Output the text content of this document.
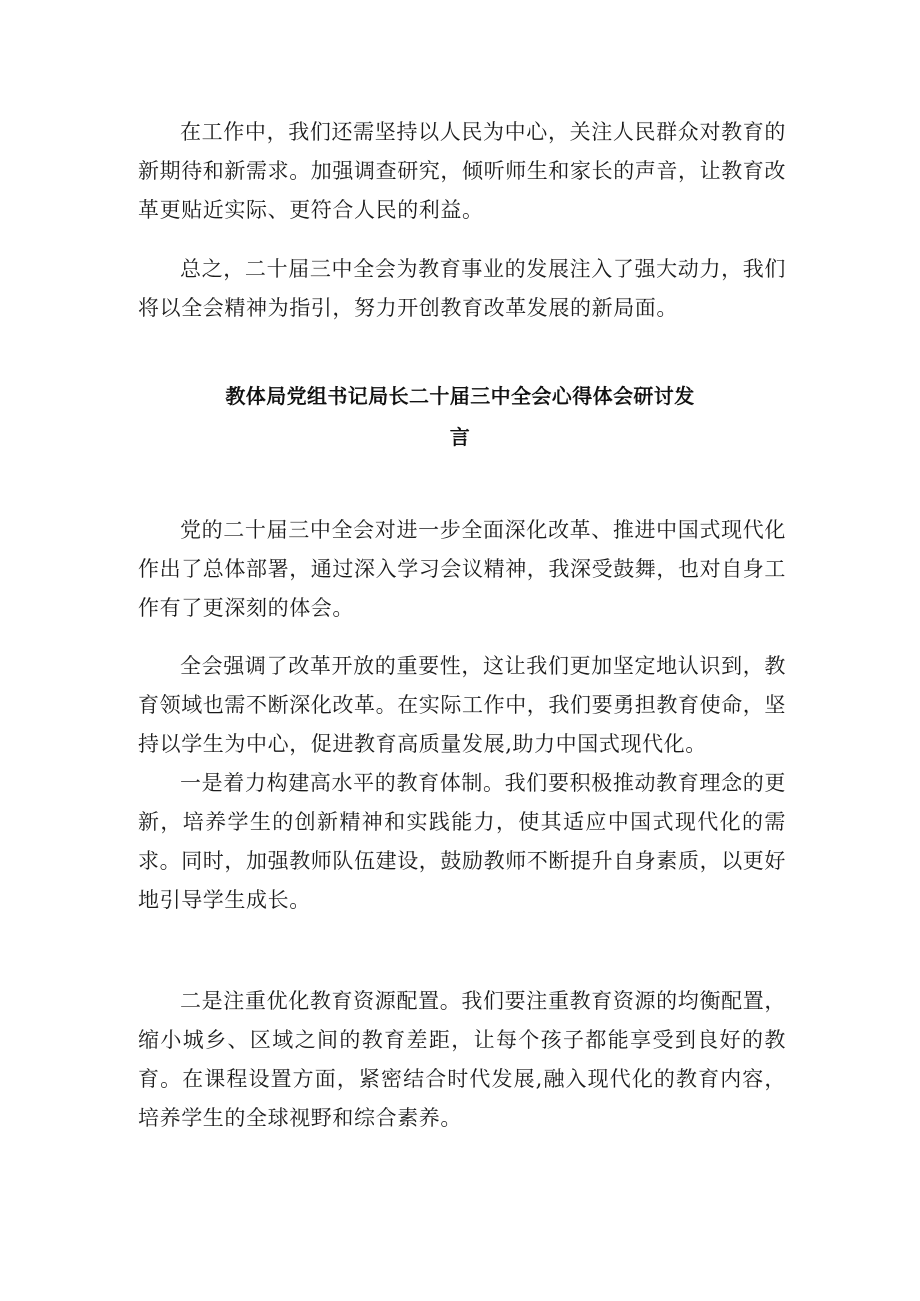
在工作中，我们还需坚持以人民为中心，关注人民群众对教育的新期待和新需求。加强调查研究，倾听师生和家长的声音，让教育改革更贴近实际、更符合人民的利益。

总之，二十届三中全会为教育事业的发展注入了强大动力，我们将以全会精神为指引，努力开创教育改革发展的新局面。

教体局党组书记局长二十届三中全会心得体会研讨发
言

党的二十届三中全会对进一步全面深化改革、推进中国式现代化作出了总体部署，通过深入学习会议精神，我深受鼓舞，也对自身工作有了更深刻的体会。

全会强调了改革开放的重要性，这让我们更加坚定地认识到，教育领域也需不断深化改革。在实际工作中，我们要勇担教育使命，坚持以学生为中心，促进教育高质量发展,助力中国式现代化。

一是着力构建高水平的教育体制。我们要积极推动教育理念的更新，培养学生的创新精神和实践能力，使其适应中国式现代化的需求。同时，加强教师队伍建设，鼓励教师不断提升自身素质，以更好地引导学生成长。

二是注重优化教育资源配置。我们要注重教育资源的均衡配置，缩小城乡、区域之间的教育差距，让每个孩子都能享受到良好的教育。在课程设置方面，紧密结合时代发展,融入现代化的教育内容，培养学生的全球视野和综合素养。
